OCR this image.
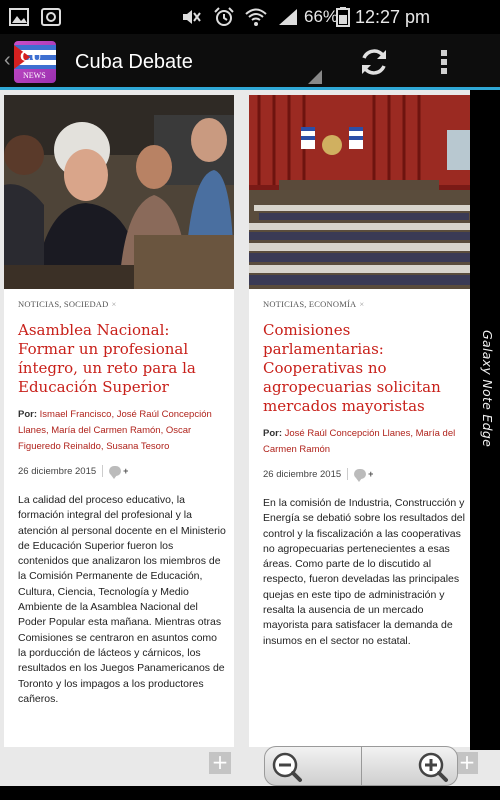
66% 12:27 pm
‹ CU
NEWS
Cuba Debate
NOTICIAS, SOCIEDAD ×
Asamblea Nacional: Formar un profesional íntegro, un reto para la Educación Superior
Por: Ismael Francisco, José Raúl Concepción Llanes, María del Carmen Ramón, Oscar Figueredo Reinaldo, Susana Tesoro
26 diciembre 2015	+
La calidad del proceso educativo, la formación integral del profesional y la atención al personal docente en el Ministerio de Educación Superior fueron los contenidos que analizaron los miembros de la Comisión Permanente de Educación, Cultura, Ciencia, Tecnología y Medio Ambiente de la Asamblea Nacional del Poder Popular esta mañana. Mientras otras Comisiones se centraron en asuntos como la porducción de lácteos y cárnicos, los resultados en los Juegos Panamericanos de Toronto y los impagos a los productores cañeros.
+
NOTICIAS, ECONOMÍA ×
Comisiones parlamentarias: Cooperativas no agropecuarias solicitan mercados mayoristas
Por: José Raúl Concepción Llanes, María del Carmen Ramón
26 diciembre 2015	+
En la comisión de Industria, Construcción y Energía se debatió sobre los resultados del control y la fiscalización a las cooperativas no agropecuarias pertenecientes a esas áreas. Como parte de lo discutido al respecto, fueron develadas las principales quejas en este tipo de administración y resalta la ausencia de un mercado mayorista para satisfacer la demanda de insumos en el sector no estatal.
+
Galaxy Note Edge
